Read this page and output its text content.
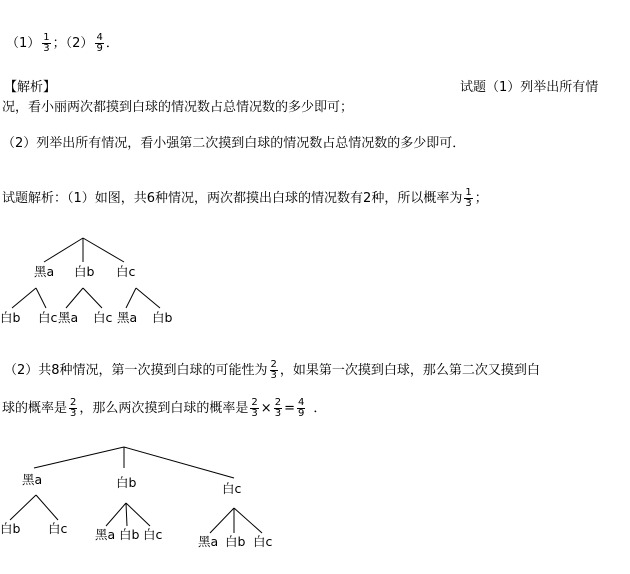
$(1) \frac{1}{3}$ ；$(2) \frac{4}{9}$ ．
【解析】	试题（1）列举出所有情
况，看小丽两次都摸到白球的情况数占总情况数的多少即可；
（2）列举出所有情况，看小强第二次摸到白球的情况数占总情况数的多少即可．
试题解析：（1）如图，共6种情况，两次都摸出白球的情况数有2种，所以概率为 $\frac{1}{3}$ ；
黑a 白b 白c
白b 白c 黑a 白c 黑a 白b
（2）共8种情况，第一次摸到白球的可能性为 $\frac{2}{3}$ ，如果第一次摸到白球，那么第二次又摸到白
球的概率是 $\frac{2}{3}$ ，那么两次摸到白球的概率是 $\frac{2}{3} \times \frac{2}{3} = \frac{4}{9}$ ．
黑a	白b	白c
白b 白c 黑a 白b 白c	黑a 白b 白c
